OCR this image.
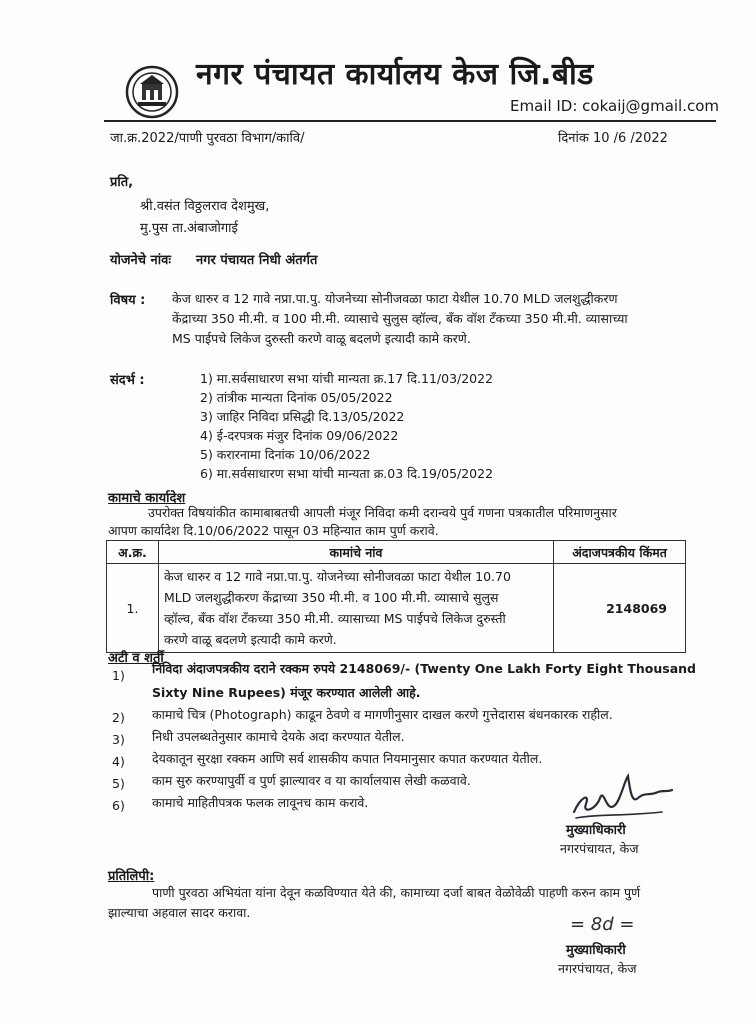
नगर पंचायत कार्यालय केज जि.बीड
Email ID: cokaij@gmail.com
जा.क्र.2022/पाणी पुरवठा विभाग/कावि/	दिनांक 10 /6 /2022
प्रति,
श्री.वसंत विठ्ठलराव देशमुख,
मु.पुस ता.अंबाजोगाई
योजनेचे नांवः नगर पंचायत निधी अंतर्गत
विषय : केज धारुर व 12 गावे नप्रा.पा.पु. योजनेच्या सोनीजवळा फाटा येथील 10.70 MLD जलशुद्धीकरण
केंद्राच्या 350 मी.मी. व 100 मी.मी. व्यासाचे सुलुस व्हॉल्व, बँक वॉश टँकच्या 350 मी.मी. व्यासाच्या
MS पाईपचे लिकेज दुरुस्ती करणे वाळू बदलणे इत्यादी कामे करणे.
संदर्भ :	1) मा.सर्वसाधारण सभा यांची मान्यता क्र.17 दि.11/03/2022
2) तांत्रीक मान्यता दिनांक 05/05/2022
3) जाहिर निविदा प्रसिद्धी दि.13/05/2022
4) ई-दरपत्रक मंजुर दिनांक 09/06/2022
5) करारनामा दिनांक 10/06/2022
6) मा.सर्वसाधारण सभा यांची मान्यता क्र.03 दि.19/05/2022
कामाचे कार्यादेश
उपरोक्त विषयांकीत कामाबाबतची आपली मंजूर निविदा कमी दरान्वये पुर्व गणना पत्रकातील परिमाणनुसार
आपण कार्यादेश दि.10/06/2022 पासून 03 महिन्यात काम पुर्ण करावे.
अ.क्र.	कामांचे नांव	अंदाजपत्रकीय किंमत
1.	केज धारुर व 12 गावे नप्रा.पा.पु. योजनेच्या सोनीजवळा फाटा येथील 10.70
MLD जलशुद्धीकरण केंद्राच्या 350 मी.मी. व 100 मी.मी. व्यासाचे सुलुस
व्हॉल्व, बँक वॉश टँकच्या 350 मी.मी. व्यासाच्या MS पाईपचे लिकेज दुरुस्ती
करणे वाळू बदलणे इत्यादी कामे करणे.	2148069
अटी व शर्ती
1) निविदा अंदाजपत्रकीय दराने रक्कम रुपये 2148069/- (Twenty One Lakh Forty Eight Thousand
Sixty Nine Rupees) मंजूर करण्यात आलेली आहे.
2) कामाचे चित्र (Photograph) काढून ठेवणे व मागणीनुसार दाखल करणे गुत्तेदारास बंधनकारक राहील.
3) निधी उपलब्धतेनुसार कामाचे देयके अदा करण्यात येतील.
4) देयकातून सुरक्षा रक्कम आणि सर्व शासकीय कपात नियमानुसार कपात करण्यात येतील.
5) काम सुरु करण्यापुर्वी व पुर्ण झाल्यावर व या कार्यालयास लेखी कळवावे.
6) कामाचे माहितीपत्रक फलक लावूनच काम करावे.
मुख्याधिकारी
नगरपंचायत, केज
प्रतिलिपी:
पाणी पुरवठा अभियंता यांना देवून कळविण्यात येते की, कामाच्या दर्जा बाबत वेळोवेळी पाहणी करुन काम पुर्ण
झाल्याचा अहवाल सादर करावा.
= 8d =
मुख्याधिकारी
नगरपंचायत, केज
